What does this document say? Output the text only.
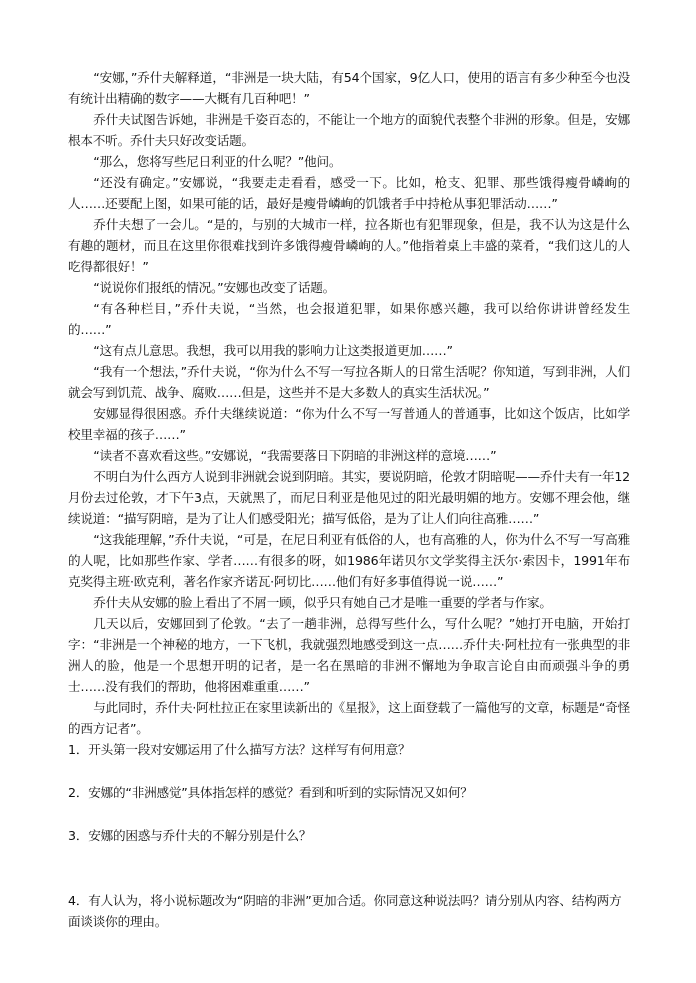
“安娜，”乔什夫解释道，“非洲是一块大陆，有54个国家，9亿人口，使用的语言有多少种至今也没有统计出精确的数字——大概有几百种吧！”

乔什夫试图告诉她，非洲是千姿百态的，不能让一个地方的面貌代表整个非洲的形象。但是，安娜根本不听。乔什夫只好改变话题。

“那么，您将写些尼日利亚的什么呢？”他问。

“还没有确定。”安娜说，“我要走走看看，感受一下。比如，枪支、犯罪、那些饿得瘦骨嶙峋的人……还要配上图，如果可能的话，最好是瘦骨嶙峋的饥饿者手中持枪从事犯罪活动……”

乔什夫想了一会儿。“是的，与别的大城市一样，拉各斯也有犯罪现象，但是，我不认为这是什么有趣的题材，而且在这里你很难找到许多饿得瘦骨嶙峋的人。”他指着桌上丰盛的菜肴，“我们这儿的人吃得都很好！”

“说说你们报纸的情况。”安娜也改变了话题。

“有各种栏目，”乔什夫说，“当然，也会报道犯罪，如果你感兴趣，我可以给你讲讲曾经发生的……”

“这有点儿意思。我想，我可以用我的影响力让这类报道更加……”

“我有一个想法，”乔什夫说，“你为什么不写一写拉各斯人的日常生活呢？你知道，写到非洲，人们就会写到饥荒、战争、腐败……但是，这些并不是大多数人的真实生活状况。”

安娜显得很困惑。乔什夫继续说道：“你为什么不写一写普通人的普通事，比如这个饭店，比如学校里幸福的孩子……”

“读者不喜欢看这些。”安娜说，“我需要落日下阴暗的非洲这样的意境……”

不明白为什么西方人说到非洲就会说到阴暗。其实，要说阴暗，伦敦才阴暗呢——乔什夫有一年12月份去过伦敦，才下午3点，天就黑了，而尼日利亚是他见过的阳光最明媚的地方。安娜不理会他，继续说道：“描写阴暗，是为了让人们感受阳光；描写低俗，是为了让人们向往高雅……”

“这我能理解，”乔什夫说，“可是，在尼日利亚有低俗的人，也有高雅的人，你为什么不写一写高雅的人呢，比如那些作家、学者……有很多的呀，如1986年诺贝尔文学奖得主沃尔·索因卡，1991年布克奖得主班·欧克利，著名作家齐诺瓦·阿切比……他们有好多事值得说一说……”

乔什夫从安娜的脸上看出了不屑一顾，似乎只有她自己才是唯一重要的学者与作家。

几天以后，安娜回到了伦敦。“去了一趟非洲，总得写些什么，写什么呢？”她打开电脑，开始打字：“非洲是一个神秘的地方，一下飞机，我就强烈地感受到这一点……乔什夫·阿杜拉有一张典型的非洲人的脸，他是一个思想开明的记者，是一名在黑暗的非洲不懈地为争取言论自由而顽强斗争的勇士……没有我们的帮助，他将困难重重……”

与此同时，乔什夫·阿杜拉正在家里读新出的《星报》，这上面登载了一篇他写的文章，标题是“奇怪的西方记者”。

1．开头第一段对安娜运用了什么描写方法？这样写有何用意？

2．安娜的“非洲感觉”具体指怎样的感觉？看到和听到的实际情况又如何？

3．安娜的困惑与乔什夫的不解分别是什么？

4．有人认为，将小说标题改为“阴暗的非洲”更加合适。你同意这种说法吗？请分别从内容、结构两方面谈谈你的理由。
